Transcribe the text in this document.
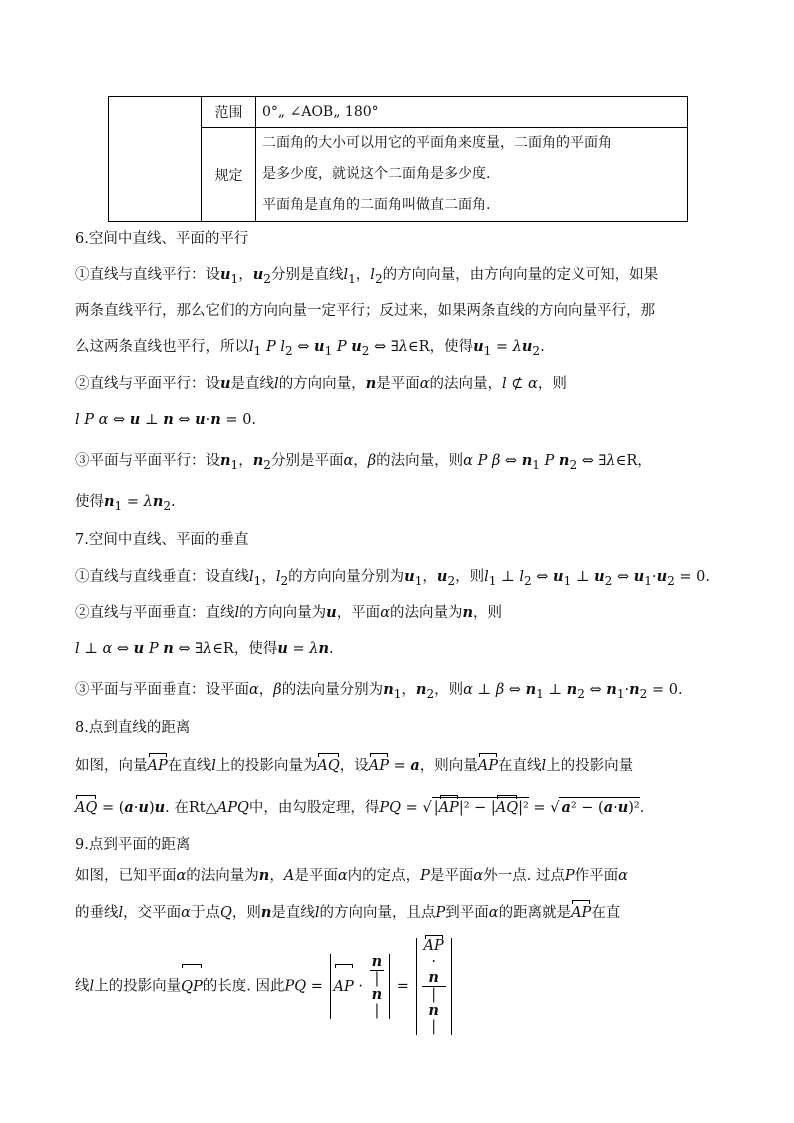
	范围	0°„ ∠AOB„ 180°
	规定	二面角的大小可以用它的平面角来度量，二面角的平面角
是多少度，就说这个二面角是多少度.
平面角是直角的二面角叫做直二面角.
6.空间中直线、平面的平行
①直线与直线平行：设$u_1$，$u_2$分别是直线$l_1$，$l_2$的方向向量，由方向向量的定义可知，如果
两条直线平行，那么它们的方向向量一定平行；反过来，如果两条直线的方向向量平行，那
么这两条直线也平行，所以$l_1$ P $l_2$ ⇔ $u_1$ P $u_2$ ⇔ ∃λ∈R，使得$u_1 = \lambda u_2$.
②直线与平面平行：设u是直线l的方向向量，n是平面α的法向量，l ⊄ α，则
l P α ⇔ u ⊥ n ⇔ u·n = 0.
③平面与平面平行：设$n_1$，$n_2$分别是平面α，β的法向量，则α P β ⇔ $n_1$ P $n_2$ ⇔ ∃λ∈R，
使得$n_1 = \lambda n_2$.
7.空间中直线、平面的垂直
①直线与直线垂直：设直线$l_1$，$l_2$的方向向量分别为$u_1$，$u_2$，则$l_1$ ⊥ $l_2$ ⇔ $u_1$ ⊥ $u_2$ ⇔ $u_1\cdot u_2 = 0$.
②直线与平面垂直：直线l的方向向量为u，平面α的法向量为n，则
l ⊥ α ⇔ u P n ⇔ ∃λ∈R，使得u = λn.
③平面与平面垂直：设平面α，β的法向量分别为$n_1$，$n_2$，则α ⊥ β ⇔ $n_1$ ⊥ $n_2$ ⇔ $n_1\cdot n_2 = 0$.
8.点到直线的距离
如图，向量AP在直线l上的投影向量为AQ，设AP = a，则向量AP在直线l上的投影向量
AQ = (a·u)u. 在Rt△APQ中，由勾股定理，得PQ = √ |AP|² − |AQ|² = √ a² − (a·u)².
9.点到平面的距离
如图，已知平面α的法向量为n，A是平面α内的定点，P是平面α外一点. 过点P作平面α
的垂线l，交平面α于点Q，则n是直线l的方向向量，且点P到平面α的距离就是AP在直
线l上的投影向量QP的长度. 因此PQ = AP · n
|
n
| = AP
·
n
|
n
|
